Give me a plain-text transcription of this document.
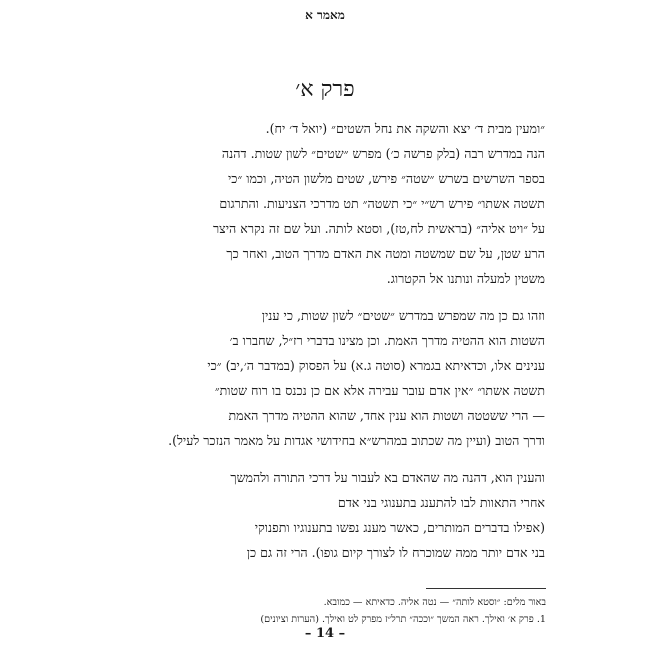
מאמר א
פרק א׳
״ומעין מבית ד׳ יצא והשקה את נחל השטים״ (יואל ד׳ יח).
הנה במדרש רבה (בלק פרשה כ׳) מפרש ״שטים״ לשון שטות. דהנה
בספר השרשים בשרש ״שטה״ פירש, שטים מלשון הטיה, וכמו ״כי
תשטה אשתו״ פירש רש״י ״כי תשטה״ תט מדרכי הצניעות. והתרגום
על ״ויט אליה״ (בראשית לח,טז), וסטא לותה. ועל שם זה נקרא היצר
הרע שטן, על שם שמשטה ומטה את האדם מדרך הטוב, ואחר כך
משטין למעלה ונותנו אל הקטרוג.
וזהו גם כן מה שמפרש במדרש ״שטים״ לשון שטות, כי ענין
השטות הוא ההטיה מדרך האמת. וכן מצינו בדברי רז״ל, שחברו ב׳
ענינים אלו, וכדאיתא בגמרא (סוטה ג.א) על הפסוק (במדבר ה׳,יב) ״כי
תשטה אשתו״ ״אין אדם עובר עבירה אלא אם כן נכנס בו רוח שטות״
— הרי ששטטה ושטות הוא ענין אחד, שהוא ההטיה מדרך האמת
ודרך הטוב (ועיין מה שכתוב במהרש״א בחידושי אגדות על מאמר הנזכר לעיל).
והענין הוא, דהנה מה שהאדם בא לעבור על דרכי התורה ולהמשך
אחרי התאוות לבו להתענג בתענוגי בני אדם
(אפילו בדברים המותרים, כאשר מענג נפשו בתענוגיו ותפנוקי
בני אדם יותר ממה שמוכרח לו לצורך קיום גופו). הרי זה גם כן
באור מלים: ״וסטא לותה״ — נטה אליה. כדאיתא — כמובא.
1. פרק א׳ ואילך. ראה המשך ״וככה״ תרל״ז מפרק לט ואילך. (הערות וציונים)
– 14 –
